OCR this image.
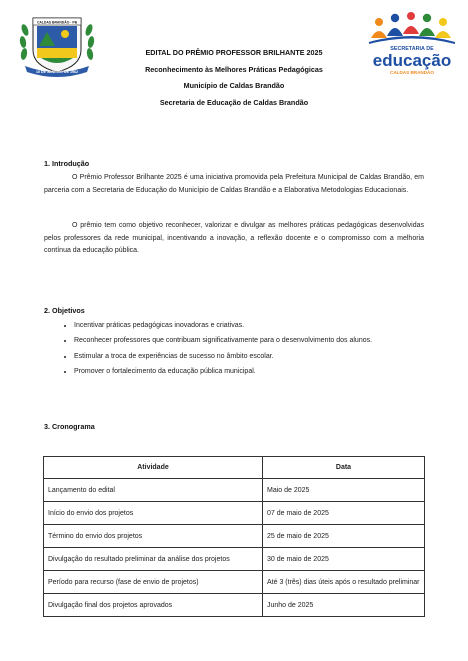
10 DE JANEIRO DE 1962
CALDAS BRANDÃO · PB
SECRETARIA DE
educação
CALDAS BRANDÃO
EDITAL DO PRÊMIO PROFESSOR BRILHANTE 2025
Reconhecimento às Melhores Práticas Pedagógicas
Município de Caldas Brandão
Secretaria de Educação de Caldas Brandão
1. Introdução

O Prêmio Professor Brilhante 2025 é uma iniciativa promovida pela Prefeitura Municipal de Caldas Brandão, em parceria com a Secretaria de Educação do Município de Caldas Brandão e a Elaborativa Metodologias Educacionais.

O prêmio tem como objetivo reconhecer, valorizar e divulgar as melhores práticas pedagógicas desenvolvidas pelos professores da rede municipal, incentivando a inovação, a reflexão docente e o compromisso com a melhoria contínua da educação pública.

2. Objetivos
• Incentivar práticas pedagógicas inovadoras e criativas.
• Reconhecer professores que contribuam significativamente para o desenvolvimento dos alunos.
• Estimular a troca de experiências de sucesso no âmbito escolar.
• Promover o fortalecimento da educação pública municipal.
3. Cronograma
Atividade	Data
Lançamento do edital	Maio de 2025
Início do envio dos projetos	07 de maio de 2025
Término do envio dos projetos	25 de maio de 2025
Divulgação do resultado preliminar da análise dos projetos	30 de maio de 2025
Período para recurso (fase de envio de projetos)	Até 3 (três) dias úteis após o resultado preliminar
Divulgação final dos projetos aprovados	Junho de 2025
